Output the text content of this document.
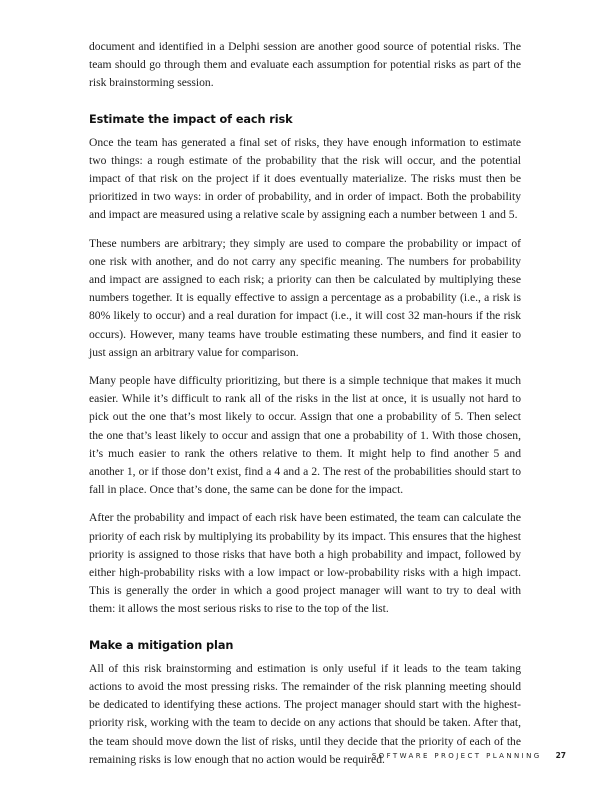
document and identified in a Delphi session are another good source of potential risks. The team should go through them and evaluate each assumption for potential risks as part of the risk brainstorming session.

Estimate the impact of each risk

Once the team has generated a final set of risks, they have enough information to estimate two things: a rough estimate of the probability that the risk will occur, and the potential impact of that risk on the project if it does eventually materialize. The risks must then be prioritized in two ways: in order of probability, and in order of impact. Both the probability and impact are measured using a relative scale by assigning each a number between 1 and 5.

These numbers are arbitrary; they simply are used to compare the probability or impact of one risk with another, and do not carry any specific meaning. The numbers for probability and impact are assigned to each risk; a priority can then be calculated by multiplying these numbers together. It is equally effective to assign a percentage as a probability (i.e., a risk is 80% likely to occur) and a real duration for impact (i.e., it will cost 32 man-hours if the risk occurs). However, many teams have trouble estimating these numbers, and find it easier to just assign an arbitrary value for comparison.

Many people have difficulty prioritizing, but there is a simple technique that makes it much easier. While it’s difficult to rank all of the risks in the list at once, it is usually not hard to pick out the one that’s most likely to occur. Assign that one a probability of 5. Then select the one that’s least likely to occur and assign that one a probability of 1. With those chosen, it’s much easier to rank the others relative to them. It might help to find another 5 and another 1, or if those don’t exist, find a 4 and a 2. The rest of the probabilities should start to fall in place. Once that’s done, the same can be done for the impact.

After the probability and impact of each risk have been estimated, the team can calculate the priority of each risk by multiplying its probability by its impact. This ensures that the highest priority is assigned to those risks that have both a high probability and impact, followed by either high-probability risks with a low impact or low-probability risks with a high impact. This is generally the order in which a good project manager will want to try to deal with them: it allows the most serious risks to rise to the top of the list.

Make a mitigation plan

All of this risk brainstorming and estimation is only useful if it leads to the team taking actions to avoid the most pressing risks. The remainder of the risk planning meeting should be dedicated to identifying these actions. The project manager should start with the highest-priority risk, working with the team to decide on any actions that should be taken. After that, the team should move down the list of risks, until they decide that the priority of each of the remaining risks is low enough that no action would be required.

SOFTWARE PROJECT PLANNING 27
